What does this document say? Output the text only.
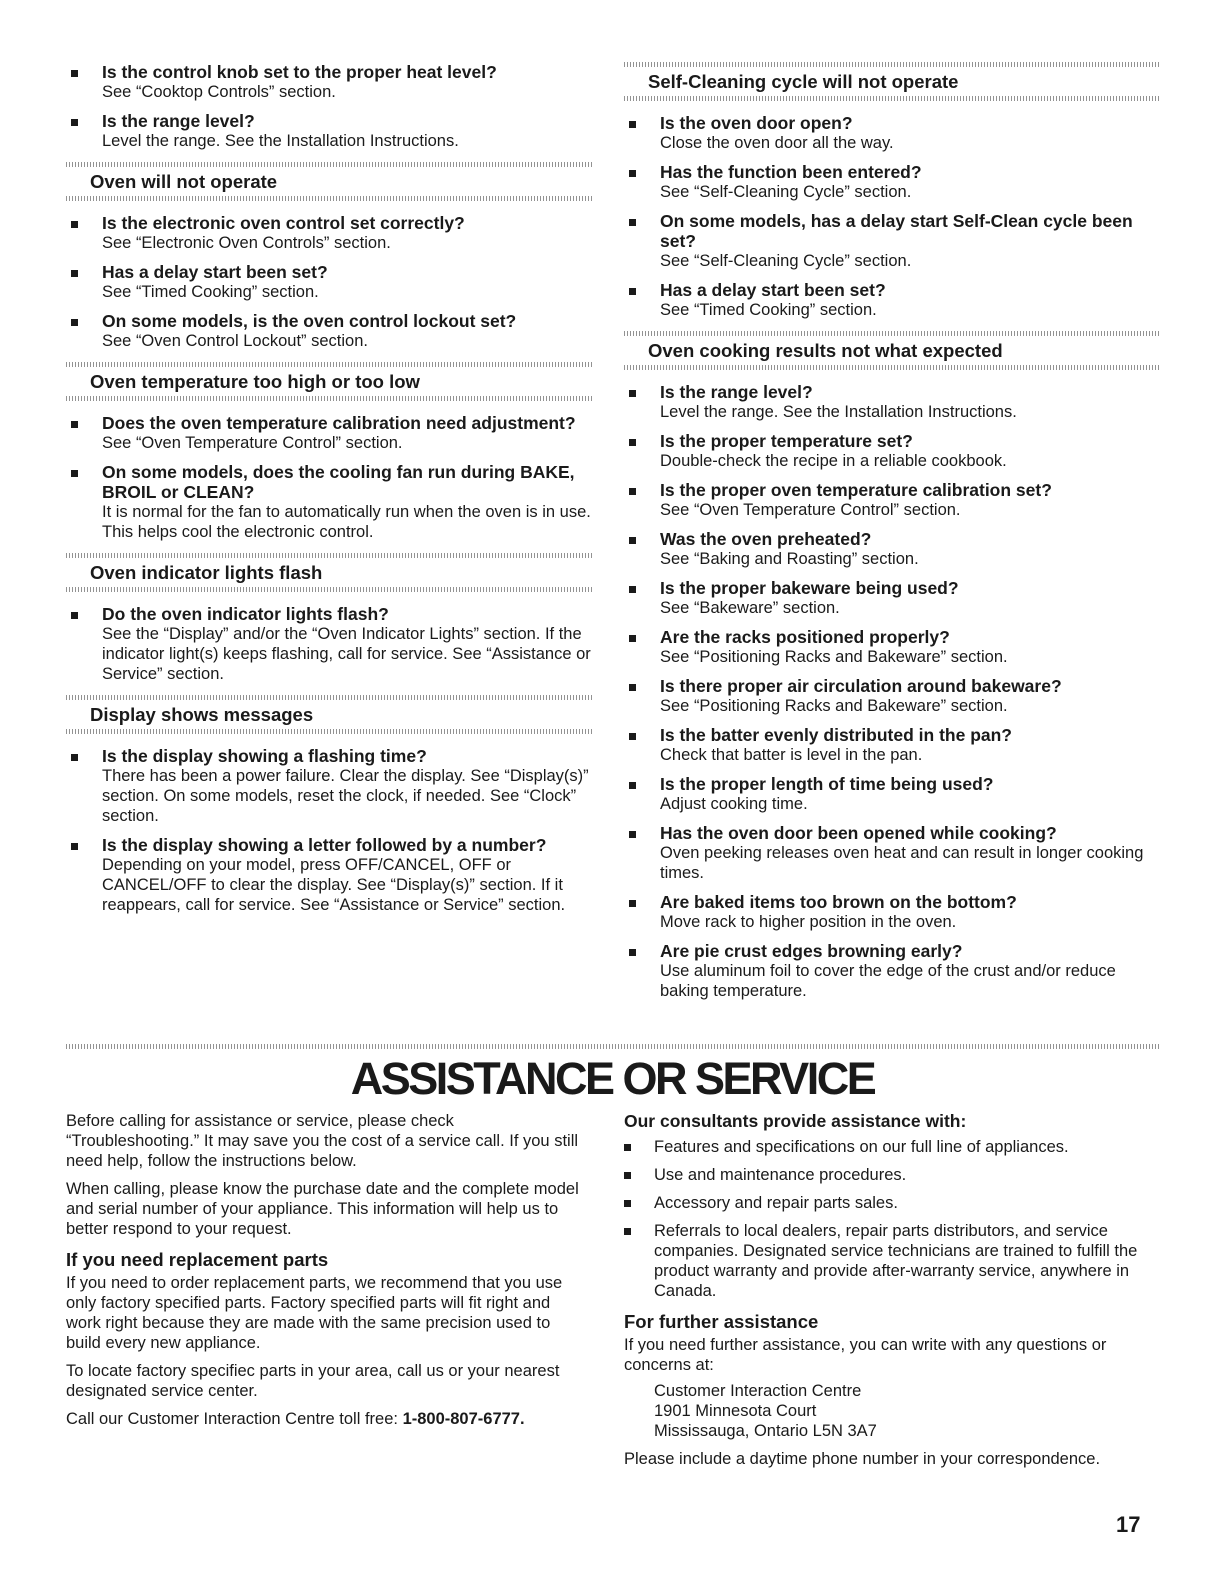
Is the control knob set to the proper heat level?
See “Cooktop Controls” section.
Is the range level?
Level the range. See the Installation Instructions.
Oven will not operate
Is the electronic oven control set correctly?
See “Electronic Oven Controls” section.
Has a delay start been set?
See “Timed Cooking” section.
On some models, is the oven control lockout set?
See “Oven Control Lockout” section.
Oven temperature too high or too low
Does the oven temperature calibration need adjustment?
See “Oven Temperature Control” section.
On some models, does the cooling fan run during BAKE, BROIL or CLEAN?
It is normal for the fan to automatically run when the oven is in use. This helps cool the electronic control.
Oven indicator lights flash
Do the oven indicator lights flash?
See the “Display” and/or the “Oven Indicator Lights” section. If the indicator light(s) keeps flashing, call for service. See “Assistance or Service” section.
Display shows messages
Is the display showing a flashing time?
There has been a power failure. Clear the display. See “Display(s)” section. On some models, reset the clock, if needed. See “Clock” section.
Is the display showing a letter followed by a number?
Depending on your model, press OFF/CANCEL, OFF or CANCEL/OFF to clear the display. See “Display(s)” section. If it reappears, call for service. See “Assistance or Service” section.
Self-Cleaning cycle will not operate
Is the oven door open?
Close the oven door all the way.
Has the function been entered?
See “Self-Cleaning Cycle” section.
On some models, has a delay start Self-Clean cycle been set?
See “Self-Cleaning Cycle” section.
Has a delay start been set?
See “Timed Cooking” section.
Oven cooking results not what expected
Is the range level?
Level the range. See the Installation Instructions.
Is the proper temperature set?
Double-check the recipe in a reliable cookbook.
Is the proper oven temperature calibration set?
See “Oven Temperature Control” section.
Was the oven preheated?
See “Baking and Roasting” section.
Is the proper bakeware being used?
See “Bakeware” section.
Are the racks positioned properly?
See “Positioning Racks and Bakeware” section.
Is there proper air circulation around bakeware?
See “Positioning Racks and Bakeware” section.
Is the batter evenly distributed in the pan?
Check that batter is level in the pan.
Is the proper length of time being used?
Adjust cooking time.
Has the oven door been opened while cooking?
Oven peeking releases oven heat and can result in longer cooking times.
Are baked items too brown on the bottom?
Move rack to higher position in the oven.
Are pie crust edges browning early?
Use aluminum foil to cover the edge of the crust and/or reduce baking temperature.
ASSISTANCE OR SERVICE

Before calling for assistance or service, please check “Troubleshooting.” It may save you the cost of a service call. If you still need help, follow the instructions below.

When calling, please know the purchase date and the complete model and serial number of your appliance. This information will help us to better respond to your request.

If you need replacement parts

If you need to order replacement parts, we recommend that you use only factory specified parts. Factory specified parts will fit right and work right because they are made with the same precision used to build every new appliance.

To locate factory specifiec parts in your area, call us or your nearest designated service center.

Call our Customer Interaction Centre toll free: 1-800-807-6777.

Our consultants provide assistance with:
Features and specifications on our full line of appliances.
Use and maintenance procedures.
Accessory and repair parts sales.
Referrals to local dealers, repair parts distributors, and service companies. Designated service technicians are trained to fulfill the product warranty and provide after-warranty service, anywhere in Canada.
For further assistance

If you need further assistance, you can write with any questions or concerns at:

Customer Interaction Centre
1901 Minnesota Court
Mississauga, Ontario L5N 3A7

Please include a daytime phone number in your correspondence.

17
